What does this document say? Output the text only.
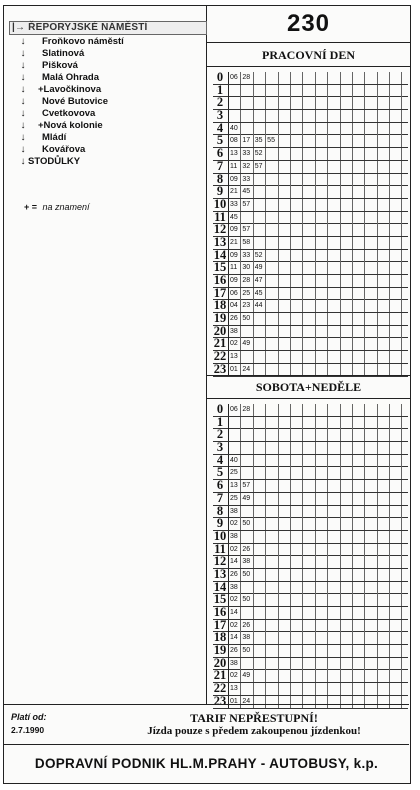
|→ ŘEPORYJSKÉ NÁMĚSTÍ
↓ Froňkovo náměstí
↓ Slatinová
↓ Pišková
↓ Malá Ohrada
↓ +Lavočkinova
↓ Nové Butovice
↓ Cvetkovova
↓ +Nová kolonie
↓ Mládí
↓ Kovářova
↓ STODŮLKY
+ = na znamení
230
PRACOVNÍ DEN
0 06 28
1
2
3
4 40
5 08 17 35 55
6 13 33 52
7 11 32 57
8 09 33
9 21 45
10 33 57
11 45
12 09 57
13 21 58
14 09 33 52
15 11 30 49
16 09 28 47
17 06 25 45
18 04 23 44
19 26 50
20 38
21 02 49
22 13
23 01 24
SOBOTA+NEDĚLE
0 06 28
1
2
3
4 40
5 25
6 13 57
7 25 49
8 38
9 02 50
10 38
11 02 26
12 14 38
13 26 50
14 38
15 02 50
16 14
17 02 26
18 14 38
19 26 50
20 38
21 02 49
22 13
23 01 24
Platí od:
2.7.1990
TARIF NEPŘESTUPNÍ!
Jízda pouze s předem zakoupenou jízdenkou!
DOPRAVNÍ PODNIK HL.M.PRAHY - AUTOBUSY, k.p.
